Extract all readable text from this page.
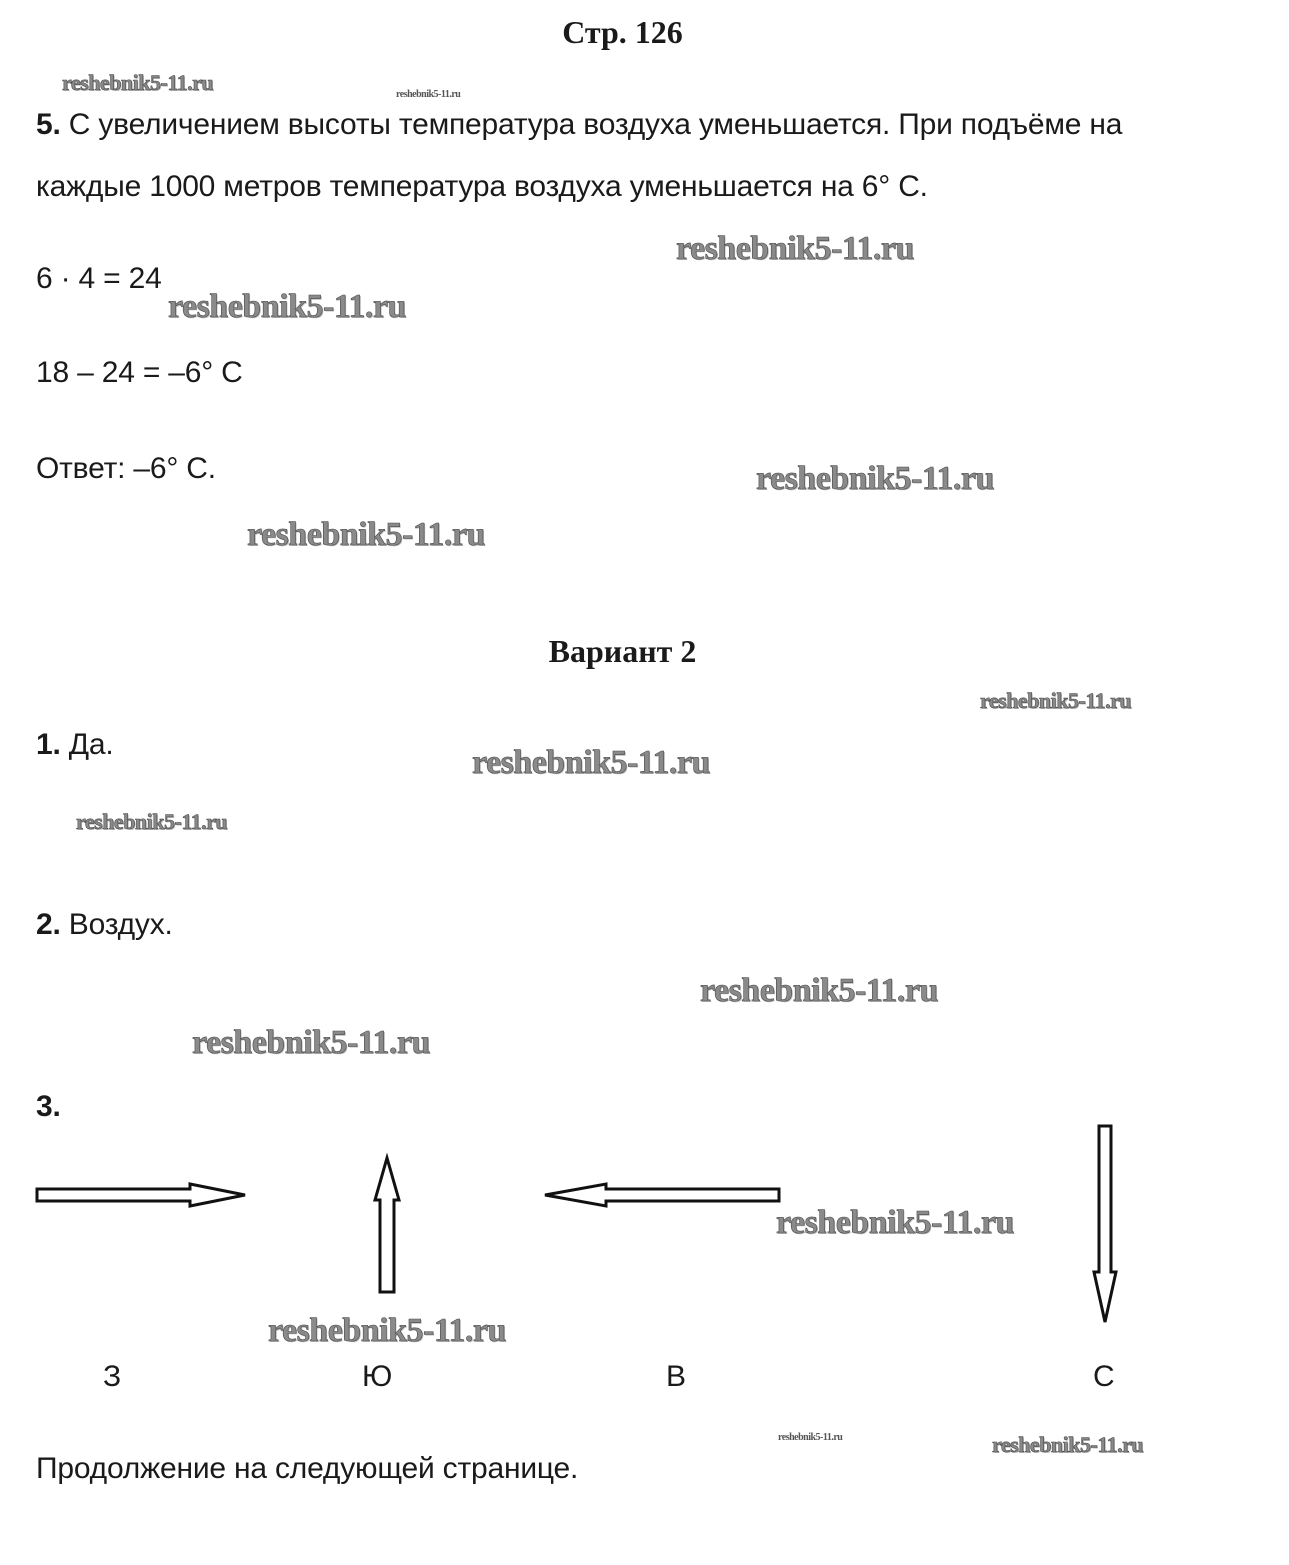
Стр. 126
5. С увеличением высоты температура воздуха уменьшается. При подъёме на
каждые 1000 метров температура воздуха уменьшается на 6° С.
6 · 4 = 24
18 – 24 = –6° С
Ответ: –6° С.
Вариант 2
1. Да.
2. Воздух.
3.
З	Ю	В	С
Продолжение на следующей странице.
reshebnik5-11.ru	reshebnik5-11.ru
reshebnik5-11.ru
reshebnik5-11.ru
reshebnik5-11.ru
reshebnik5-11.ru
reshebnik5-11.ru
reshebnik5-11.ru
reshebnik5-11.ru
reshebnik5-11.ru
reshebnik5-11.ru
reshebnik5-11.ru
reshebnik5-11.ru
reshebnik5-11.ru	reshebnik5-11.ru
